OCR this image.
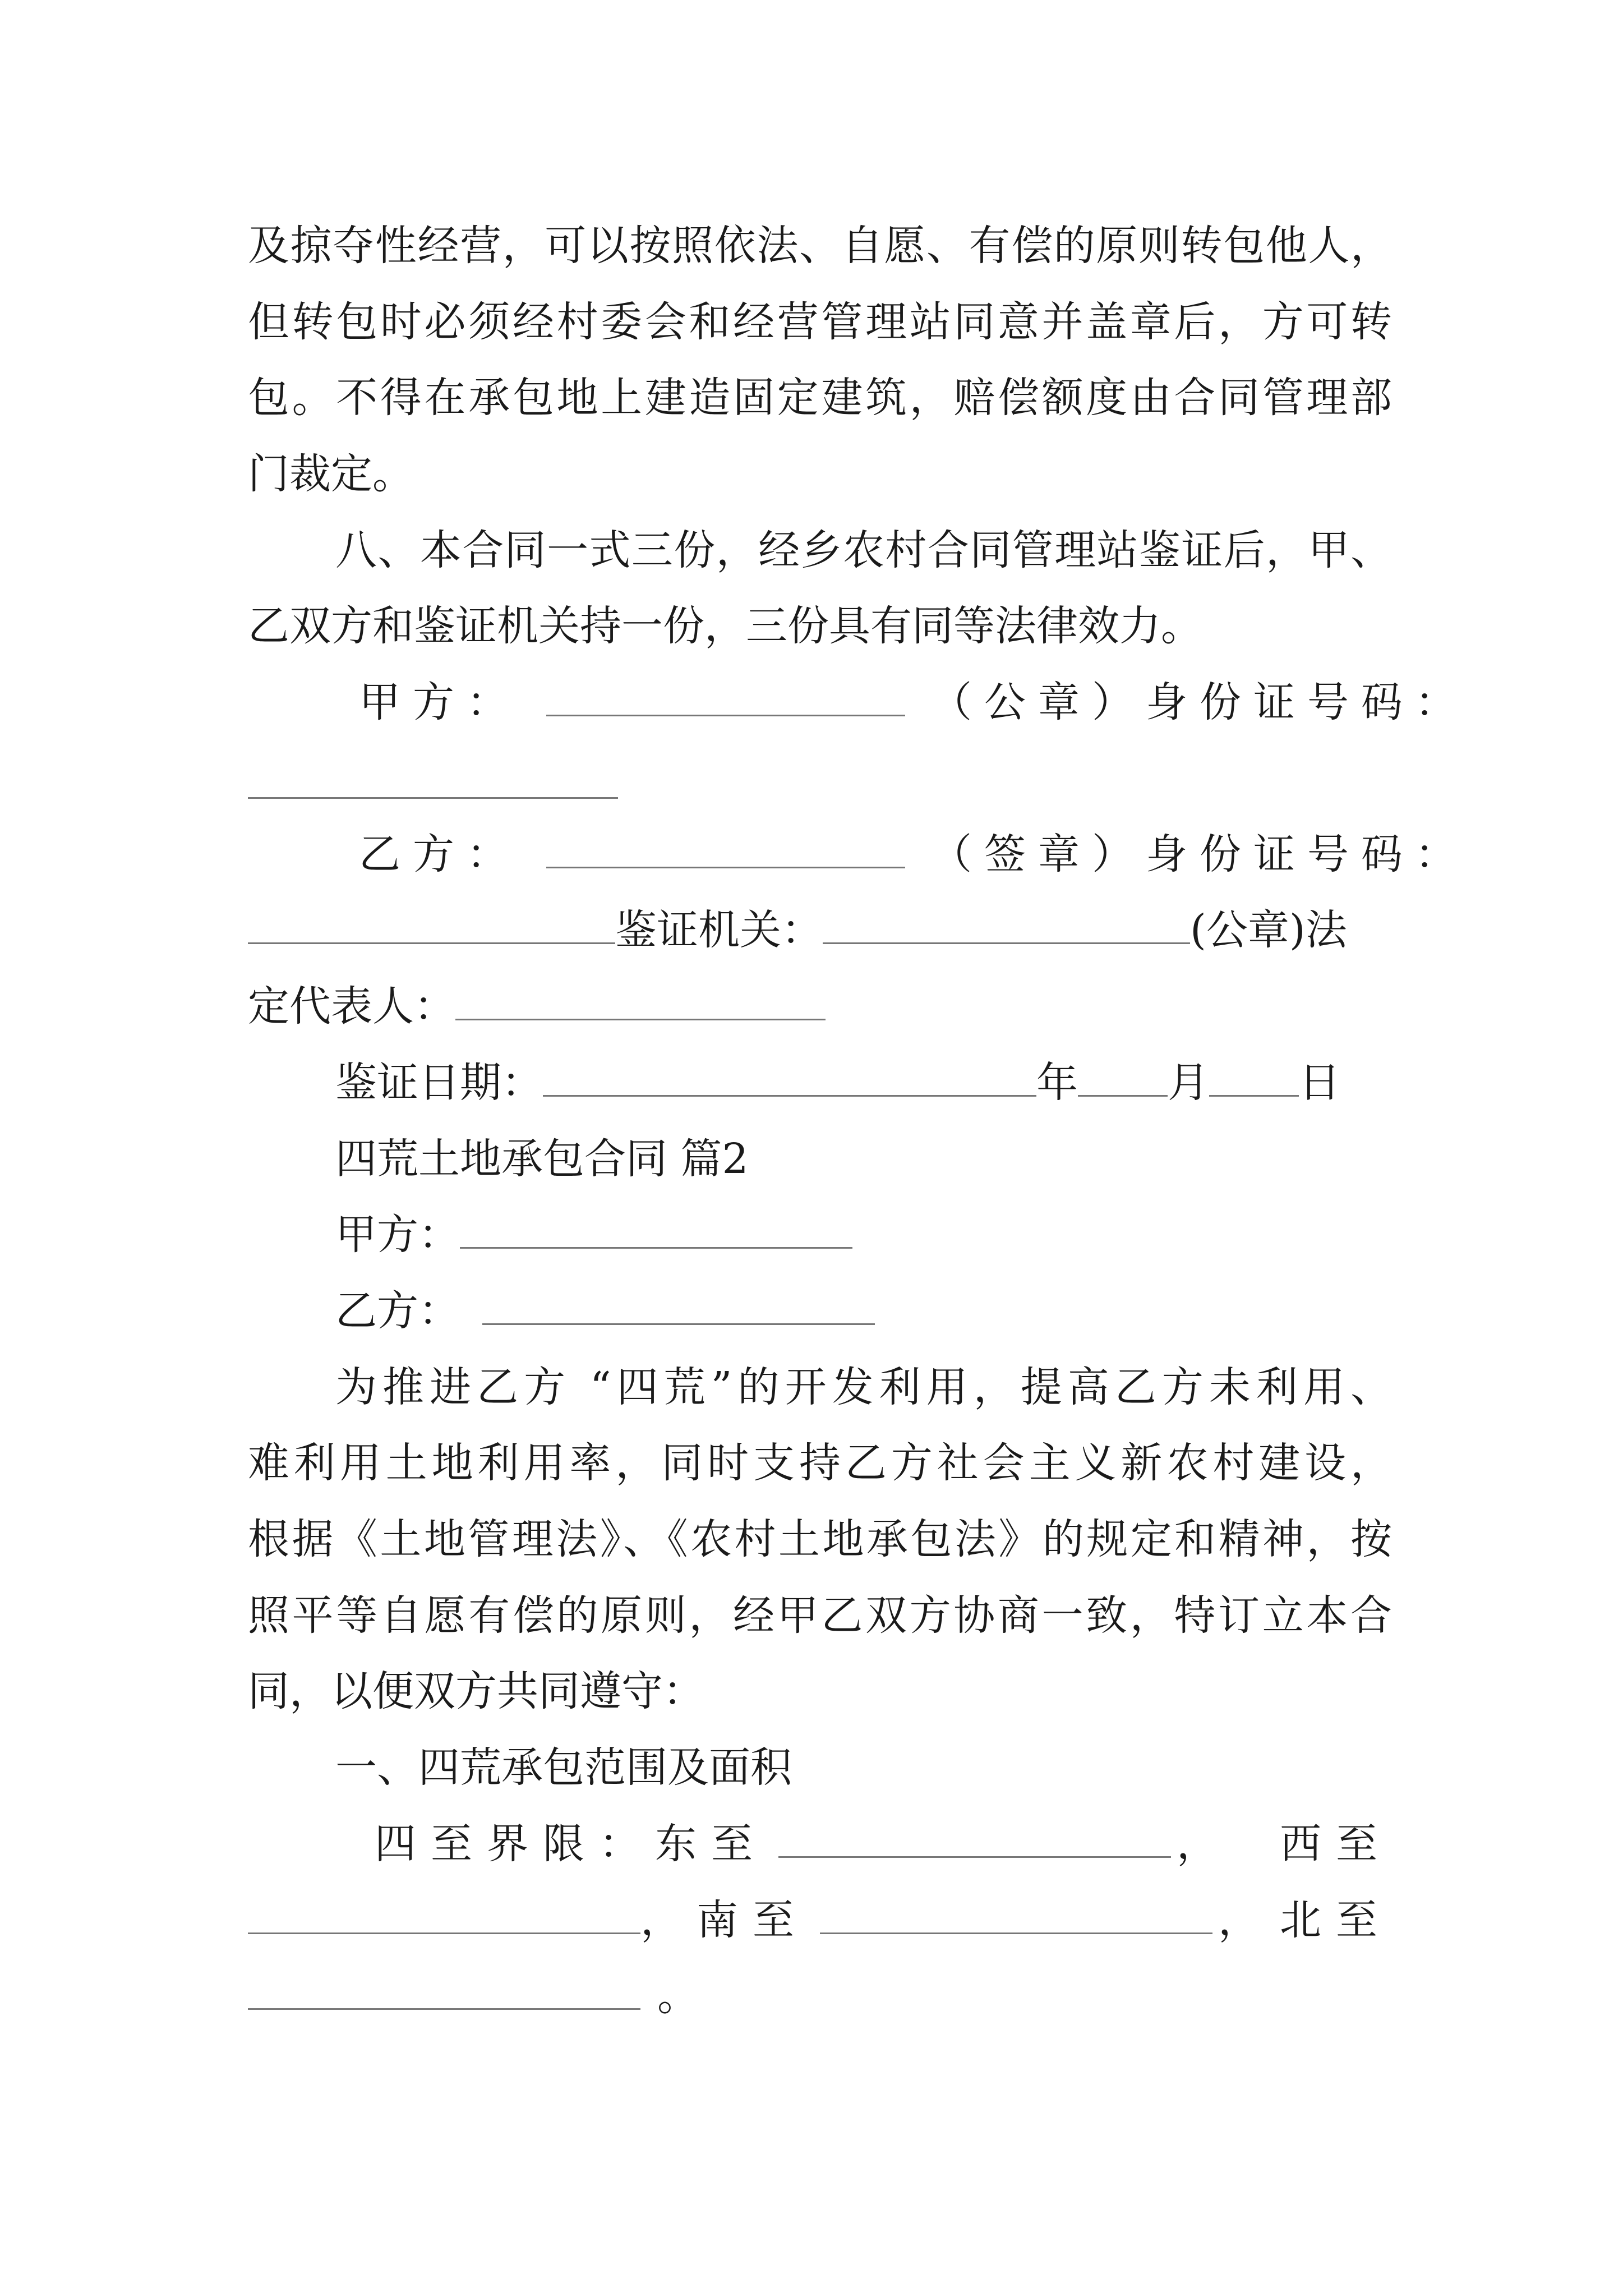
及掠夺性经营，可以按照依法、自愿、有偿的原则转包他人，
但转包时必须经村委会和经营管理站同意并盖章后，方可转
包。不得在承包地上建造固定建筑，赔偿额度由合同管理部
门裁定。
八、本合同一式三份，经乡农村合同管理站鉴证后，甲、
乙双方和鉴证机关持一份，三份具有同等法律效力。
甲方：	（公章）身份证号码：
乙方：	（签章）身份证号码：
鉴证机关：	(公章)法
定代表人：
鉴证日期：	年 月 日
四荒土地承包合同 篇2
甲方：
乙方：
为推进乙方 “四荒”的开发利用，提高乙方未利用、
难利用土地利用率，同时支持乙方社会主义新农村建设，
根据《土地管理法》、《农村土地承包法》的规定和精神，按
照平等自愿有偿的原则，经甲乙双方协商一致，特订立本合
同，以便双方共同遵守：
一、四荒承包范围及面积
四至界限： 东至	， 西至
， 南至	， 北至
。
